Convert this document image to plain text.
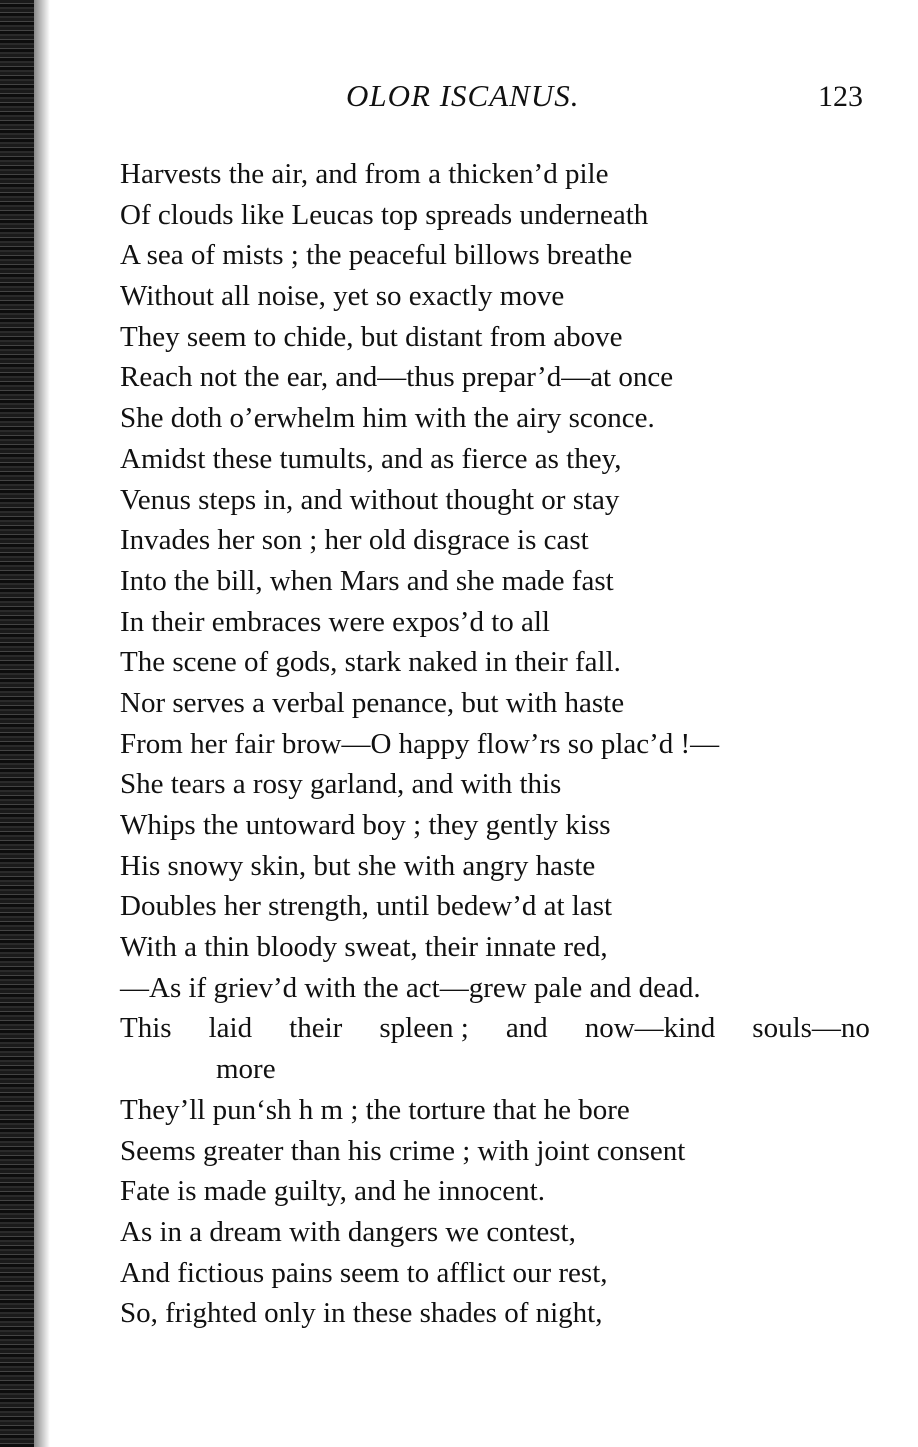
OLOR ISCANUS.	123
Harvests the air, and from a thicken’d pile
Of clouds like Leucas top spreads underneath
A sea of mists ; the peaceful billows breathe
Without all noise, yet so exactly move
They seem to chide, but distant from above
Reach not the ear, and—thus prepar’d—at once
She doth o’erwhelm him with the airy sconce.
Amidst these tumults, and as fierce as they,
Venus steps in, and without thought or stay
Invades her son ; her old disgrace is cast
Into the bill, when Mars and she made fast
In their embraces were expos’d to all
The scene of gods, stark naked in their fall.
Nor serves a verbal penance, but with haste
From her fair brow—O happy flow’rs so plac’d !—
She tears a rosy garland, and with this
Whips the untoward boy ; they gently kiss
His snowy skin, but she with angry haste
Doubles her strength, until bedew’d at last
With a thin bloody sweat, their innate red,
—As if griev’d with the act—grew pale and dead.
This laid their spleen ; and now—kind souls—no
more
They’ll pun‘sh h m ; the torture that he bore
Seems greater than his crime ; with joint consent
Fate is made guilty, and he innocent.
As in a dream with dangers we contest,
And fictious pains seem to afflict our rest,
So, frighted only in these shades of night,
